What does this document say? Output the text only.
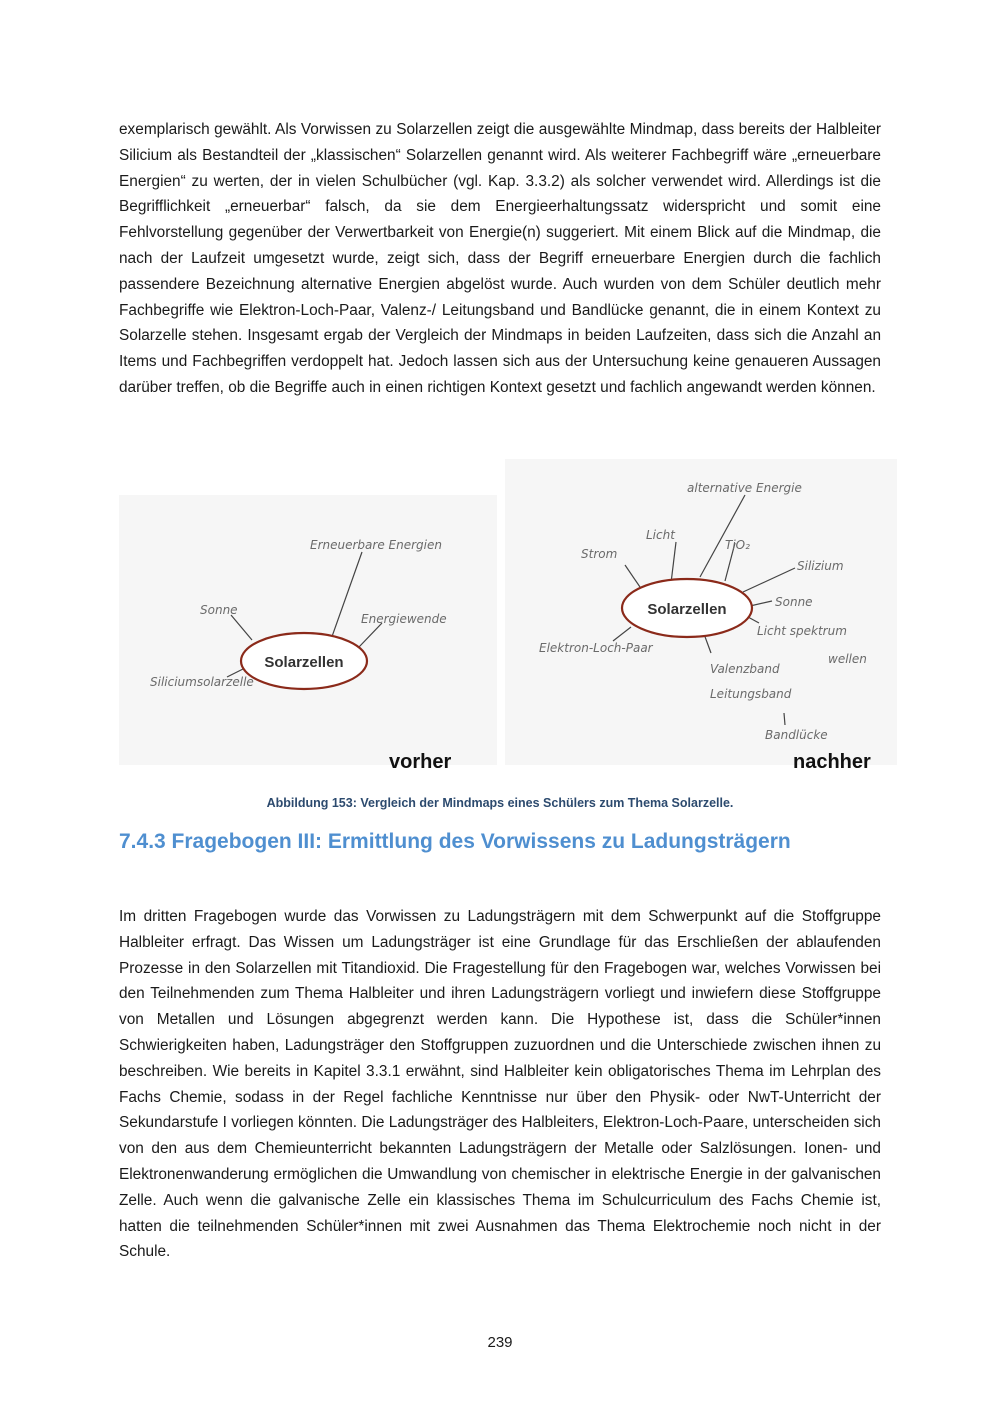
exemplarisch gewählt. Als Vorwissen zu Solarzellen zeigt die ausgewählte Mindmap, dass bereits der Halbleiter Silicium als Bestandteil der „klassischen“ Solarzellen genannt wird. Als weiterer Fachbegriff wäre „erneuerbare Energien“ zu werten, der in vielen Schulbücher (vgl. Kap. 3.3.2) als solcher verwendet wird. Allerdings ist die Begrifflichkeit „erneuerbar“ falsch, da sie dem Energieerhaltungssatz widerspricht und somit eine Fehlvorstellung gegenüber der Verwertbarkeit von Energie(n) suggeriert. Mit einem Blick auf die Mindmap, die nach der Laufzeit umgesetzt wurde, zeigt sich, dass der Begriff erneuerbare Energien durch die fachlich passendere Bezeichnung alternative Energien abgelöst wurde. Auch wurden von dem Schüler deutlich mehr Fachbegriffe wie Elektron-Loch-Paar, Valenz-/ Leitungsband und Bandlücke genannt, die in einem Kontext zu Solarzelle stehen. Insgesamt ergab der Vergleich der Mindmaps in beiden Laufzeiten, dass sich die Anzahl an Items und Fachbegriffen verdoppelt hat. Jedoch lassen sich aus der Untersuchung keine genaueren Aussagen darüber treffen, ob die Begriffe auch in einen richtigen Kontext gesetzt und fachlich angewandt werden können.

Solarzellen
Erneuerbare Energien
Sonne
Energiewende
Siliciumsolarzelle
vorher
Solarzellen
alternative Energie
Licht
Strom
TiO₂
Silizium
Sonne
Licht spektrum
wellen
Elektron-Loch-Paar
Valenzband
Leitungsband
Bandlücke
nachher
Abbildung 153: Vergleich der Mindmaps eines Schülers zum Thema Solarzelle.
7.4.3 Fragebogen III: Ermittlung des Vorwissens zu Ladungsträgern

Im dritten Fragebogen wurde das Vorwissen zu Ladungsträgern mit dem Schwerpunkt auf die Stoffgruppe Halbleiter erfragt. Das Wissen um Ladungsträger ist eine Grundlage für das Erschließen der ablaufenden Prozesse in den Solarzellen mit Titandioxid. Die Fragestellung für den Fragebogen war, welches Vorwissen bei den Teilnehmenden zum Thema Halbleiter und ihren Ladungsträgern vorliegt und inwiefern diese Stoffgruppe von Metallen und Lösungen abgegrenzt werden kann. Die Hypothese ist, dass die Schüler*innen Schwierigkeiten haben, Ladungsträger den Stoffgruppen zuzuordnen und die Unterschiede zwischen ihnen zu beschreiben. Wie bereits in Kapitel 3.3.1 erwähnt, sind Halbleiter kein obligatorisches Thema im Lehrplan des Fachs Chemie, sodass in der Regel fachliche Kenntnisse nur über den Physik- oder NwT-Unterricht der Sekundarstufe I vorliegen könnten. Die Ladungsträger des Halbleiters, Elektron-Loch-Paare, unterscheiden sich von den aus dem Chemieunterricht bekannten Ladungsträgern der Metalle oder Salzlösungen. Ionen- und Elektronenwanderung ermöglichen die Umwandlung von chemischer in elektrische Energie in der galvanischen Zelle. Auch wenn die galvanische Zelle ein klassisches Thema im Schulcurriculum des Fachs Chemie ist, hatten die teilnehmenden Schüler*innen mit zwei Ausnahmen das Thema Elektrochemie noch nicht in der Schule.

239
